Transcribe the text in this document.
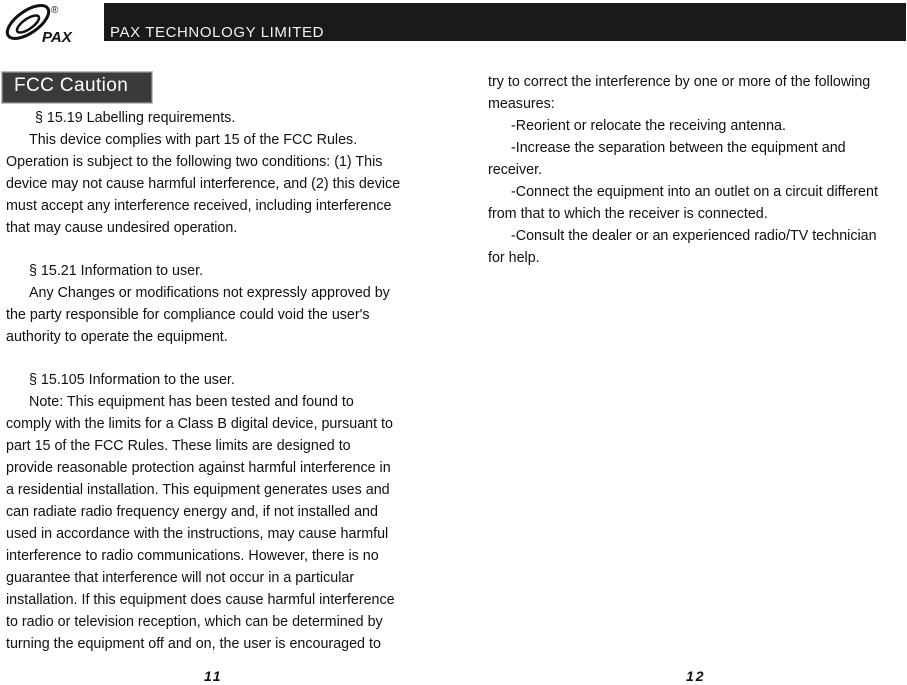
PAX
®
PAX TECHNOLOGY LIMITED
FCC Caution
§ 15.19 Labelling requirements.
This device complies with part 15 of the FCC Rules.
Operation is subject to the following two conditions: (1) This
device may not cause harmful interference, and (2) this device
must accept any interference received, including interference
that may cause undesired operation.
§ 15.21 Information to user.
Any Changes or modifications not expressly approved by
the party responsible for compliance could void the user's
authority to operate the equipment.
§ 15.105 Information to the user.
Note: This equipment has been tested and found to
comply with the limits for a Class B digital device, pursuant to
part 15 of the FCC Rules. These limits are designed to
provide reasonable protection against harmful interference in
a residential installation. This equipment generates uses and
can radiate radio frequency energy and, if not installed and
used in accordance with the instructions, may cause harmful
interference to radio communications. However, there is no
guarantee that interference will not occur in a particular
installation. If this equipment does cause harmful interference
to radio or television reception, which can be determined by
turning the equipment off and on, the user is encouraged to
try to correct the interference by one or more of the following
measures:
-Reorient or relocate the receiving antenna.
-Increase the separation between the equipment and
receiver.
-Connect the equipment into an outlet on a circuit different
from that to which the receiver is connected.
-Consult the dealer or an experienced radio/TV technician
for help.
11	12
